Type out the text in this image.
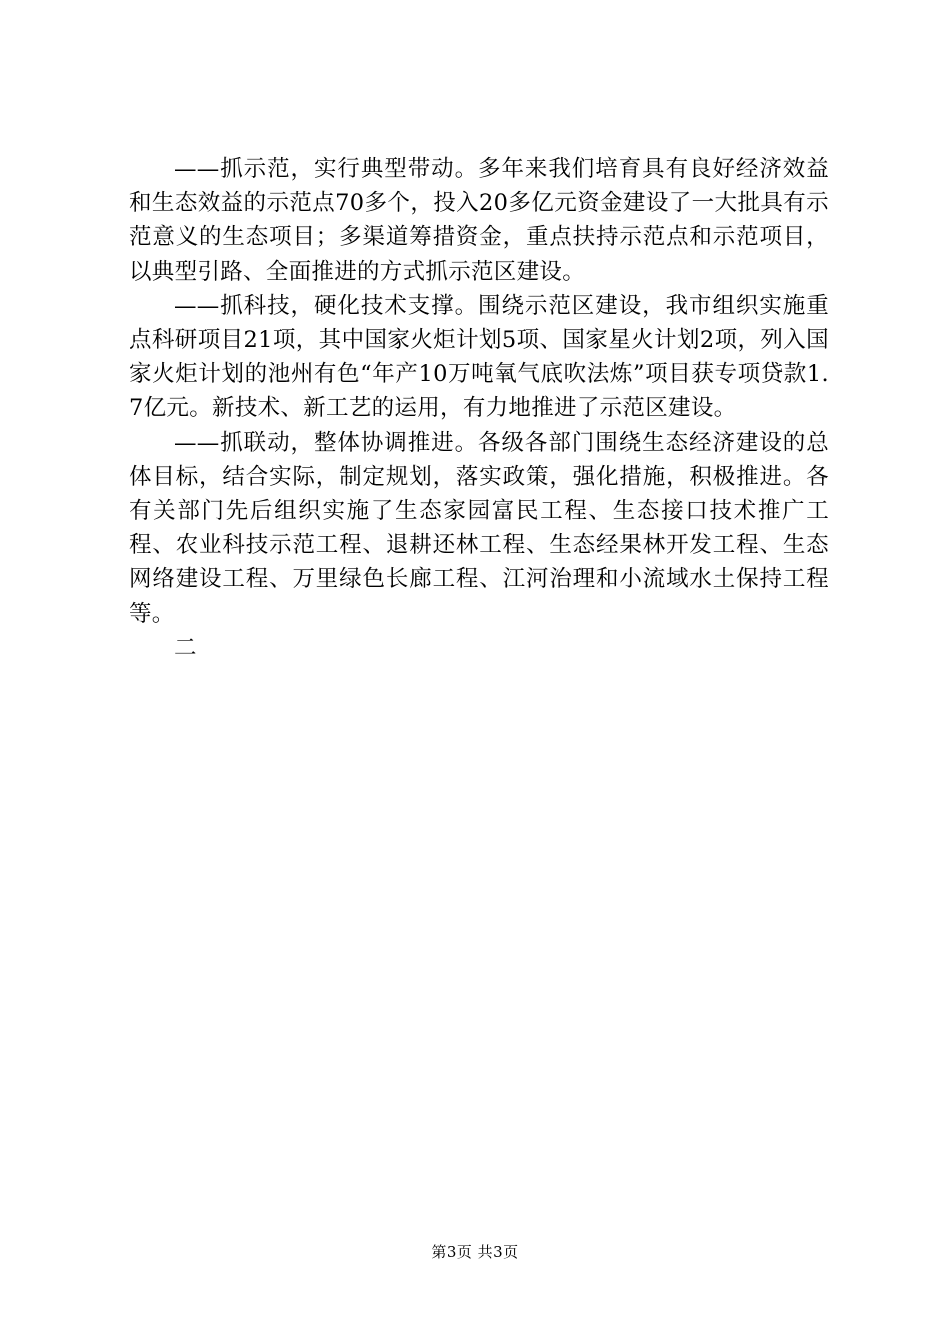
——抓示范，实行典型带动。多年来我们培育具有良好经济效益和生态效益的示范点70多个，投入20多亿元资金建设了一大批具有示范意义的生态项目；多渠道筹措资金，重点扶持示范点和示范项目，以典型引路、全面推进的方式抓示范区建设。

——抓科技，硬化技术支撑。围绕示范区建设，我市组织实施重点科研项目21项，其中国家火炬计划5项、国家星火计划2项，列入国家火炬计划的池州有色“年产10万吨氧气底吹法炼”项目获专项贷款1.7亿元。新技术、新工艺的运用，有力地推进了示范区建设。

——抓联动，整体协调推进。各级各部门围绕生态经济建设的总体目标，结合实际，制定规划，落实政策，强化措施，积极推进。各有关部门先后组织实施了生态家园富民工程、生态接口技术推广工程、农业科技示范工程、退耕还林工程、生态经果林开发工程、生态网络建设工程、万里绿色长廊工程、江河治理和小流域水土保持工程等。

二

第3页 共3页
